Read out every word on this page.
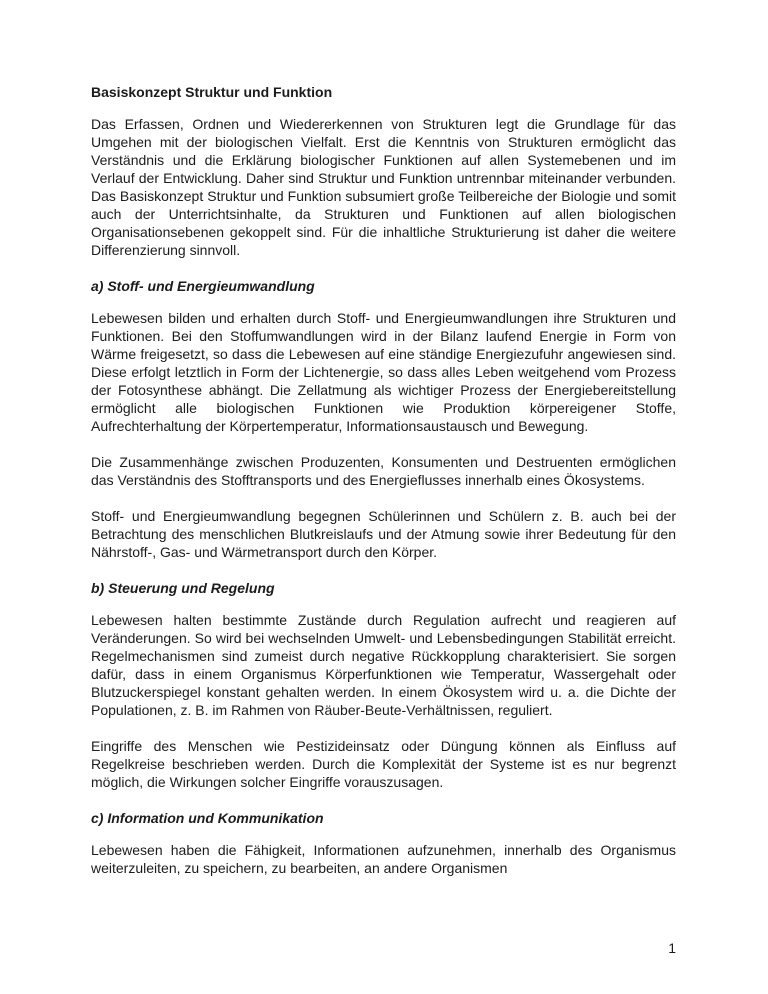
Basiskonzept Struktur und Funktion

Das Erfassen, Ordnen und Wiedererkennen von Strukturen legt die Grundlage für das Umgehen mit der biologischen Vielfalt. Erst die Kenntnis von Strukturen ermöglicht das Verständnis und die Erklärung biologischer Funktionen auf allen Systemebenen und im Verlauf der Entwicklung. Daher sind Struktur und Funktion untrennbar miteinander verbunden. Das Basiskonzept Struktur und Funktion subsumiert große Teilbereiche der Biologie und somit auch der Unterrichtsinhalte, da Strukturen und Funktionen auf allen biologischen Organisationsebenen gekoppelt sind. Für die inhaltliche Strukturierung ist daher die weitere Differenzierung sinnvoll.

a) Stoff- und Energieumwandlung

Lebewesen bilden und erhalten durch Stoff- und Energieumwandlungen ihre Strukturen und Funktionen. Bei den Stoffumwandlungen wird in der Bilanz laufend Energie in Form von Wärme freigesetzt, so dass die Lebewesen auf eine ständige Energiezufuhr angewiesen sind. Diese erfolgt letztlich in Form der Lichtenergie, so dass alles Leben weitgehend vom Prozess der Fotosynthese abhängt. Die Zellatmung als wichtiger Prozess der Energiebereitstellung ermöglicht alle biologischen Funktionen wie Produktion körpereigener Stoffe, Aufrechterhaltung der Körpertemperatur, Informationsaustausch und Bewegung.

Die Zusammenhänge zwischen Produzenten, Konsumenten und Destruenten ermöglichen das Verständnis des Stofftransports und des Energieflusses innerhalb eines Ökosystems.

Stoff- und Energieumwandlung begegnen Schülerinnen und Schülern z. B. auch bei der Betrachtung des menschlichen Blutkreislaufs und der Atmung sowie ihrer Bedeutung für den Nährstoff-, Gas- und Wärmetransport durch den Körper.

b) Steuerung und Regelung

Lebewesen halten bestimmte Zustände durch Regulation aufrecht und reagieren auf Veränderungen. So wird bei wechselnden Umwelt- und Lebensbedingungen Stabilität erreicht. Regelmechanismen sind zumeist durch negative Rückkopplung charakterisiert. Sie sorgen dafür, dass in einem Organismus Körperfunktionen wie Temperatur, Wassergehalt oder Blutzuckerspiegel konstant gehalten werden. In einem Ökosystem wird u. a. die Dichte der Populationen, z. B. im Rahmen von Räuber-Beute-Verhältnissen, reguliert.

Eingriffe des Menschen wie Pestizideinsatz oder Düngung können als Einfluss auf Regelkreise beschrieben werden. Durch die Komplexität der Systeme ist es nur begrenzt möglich, die Wirkungen solcher Eingriffe vorauszusagen.

c) Information und Kommunikation

Lebewesen haben die Fähigkeit, Informationen aufzunehmen, innerhalb des Organismus weiterzuleiten, zu speichern, zu bearbeiten, an andere Organismen

1
